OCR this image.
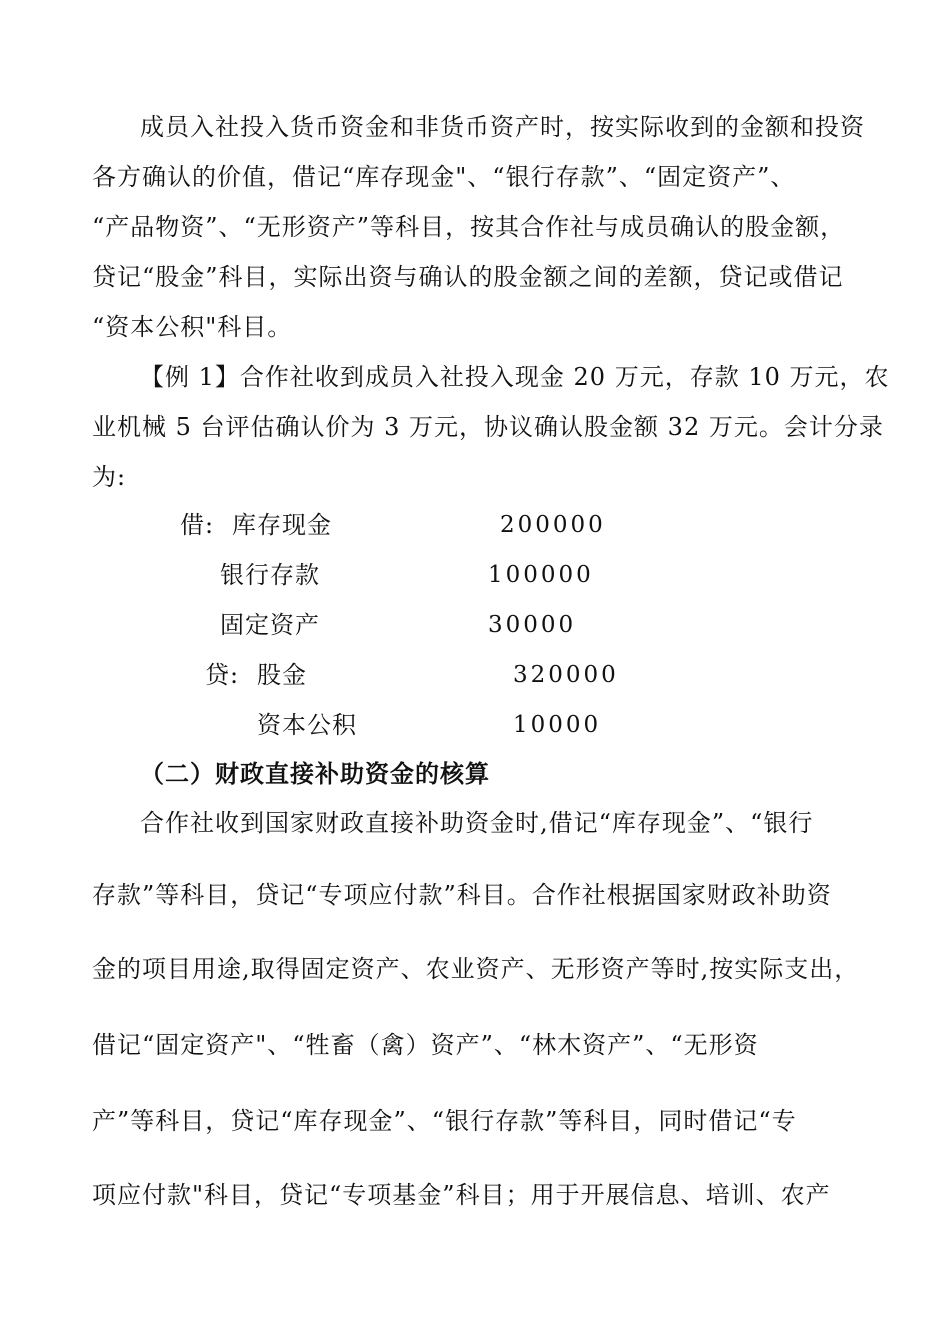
成员入社投入货币资金和非货币资产时，按实际收到的金额和投资
各方确认的价值，借记“库存现金"、“银行存款”、“固定资产”、
“产品物资”、“无形资产”等科目，按其合作社与成员确认的股金额，
贷记“股金”科目，实际出资与确认的股金额之间的差额，贷记或借记
“资本公积"科目。
【例 1】合作社收到成员入社投入现金 20 万元，存款 10 万元，农
业机械 5 台评估确认价为 3 万元，协议确认股金额 32 万元。会计分录
为:
借: 库存现金	200000
银行存款	100000
固定资产	30000
贷: 股金	320000
资本公积	10000
（二）财政直接补助资金的核算
合作社收到国家财政直接补助资金时,借记“库存现金”、“银行
存款”等科目，贷记“专项应付款”科目。合作社根据国家财政补助资
金的项目用途,取得固定资产、农业资产、无形资产等时,按实际支出，
借记“固定资产"、“牲畜（禽）资产”、“林木资产”、“无形资
产”等科目，贷记“库存现金”、“银行存款”等科目，同时借记“专
项应付款"科目，贷记“专项基金”科目；用于开展信息、培训、农产
